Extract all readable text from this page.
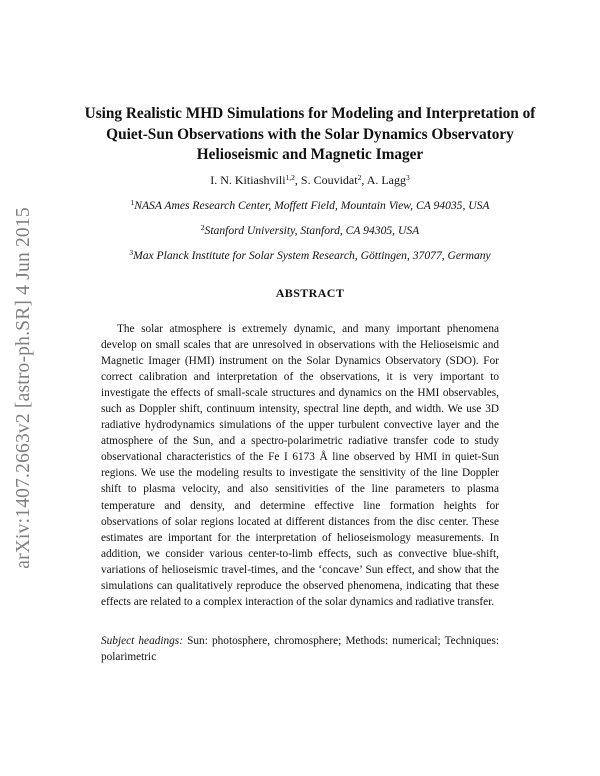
arXiv:1407.2663v2 [astro-ph.SR] 4 Jun 2015
Using Realistic MHD Simulations for Modeling and Interpretation of Quiet-Sun Observations with the Solar Dynamics Observatory Helioseismic and Magnetic Imager
I. N. Kitiashvili$^{1,2}$, S. Couvidat$^2$, A. Lagg$^3$
$^1$NASA Ames Research Center, Moffett Field, Mountain View, CA 94035, USA
$^2$Stanford University, Stanford, CA 94305, USA
$^3$Max Planck Institute for Solar System Research, Göttingen, 37077, Germany
ABSTRACT

The solar atmosphere is extremely dynamic, and many important phenomena develop on small scales that are unresolved in observations with the Helioseismic and Magnetic Imager (HMI) instrument on the Solar Dynamics Observatory (SDO). For correct calibration and interpretation of the observations, it is very important to investigate the effects of small-scale structures and dynamics on the HMI observables, such as Doppler shift, continuum intensity, spectral line depth, and width. We use 3D radiative hydrodynamics simulations of the upper turbulent convective layer and the atmosphere of the Sun, and a spectro-polarimetric radiative transfer code to study observational characteristics of the Fe I 6173 Å line observed by HMI in quiet-Sun regions. We use the modeling results to investigate the sensitivity of the line Doppler shift to plasma velocity, and also sensitivities of the line parameters to plasma temperature and density, and determine effective line formation heights for observations of solar regions located at different distances from the disc center. These estimates are important for the interpretation of helioseismology measurements. In addition, we consider various center-to-limb effects, such as convective blue-shift, variations of helioseismic travel-times, and the ‘concave’ Sun effect, and show that the simulations can qualitatively reproduce the observed phenomena, indicating that these effects are related to a complex interaction of the solar dynamics and radiative transfer.

Subject headings: Sun: photosphere, chromosphere; Methods: numerical; Techniques: polarimetric
